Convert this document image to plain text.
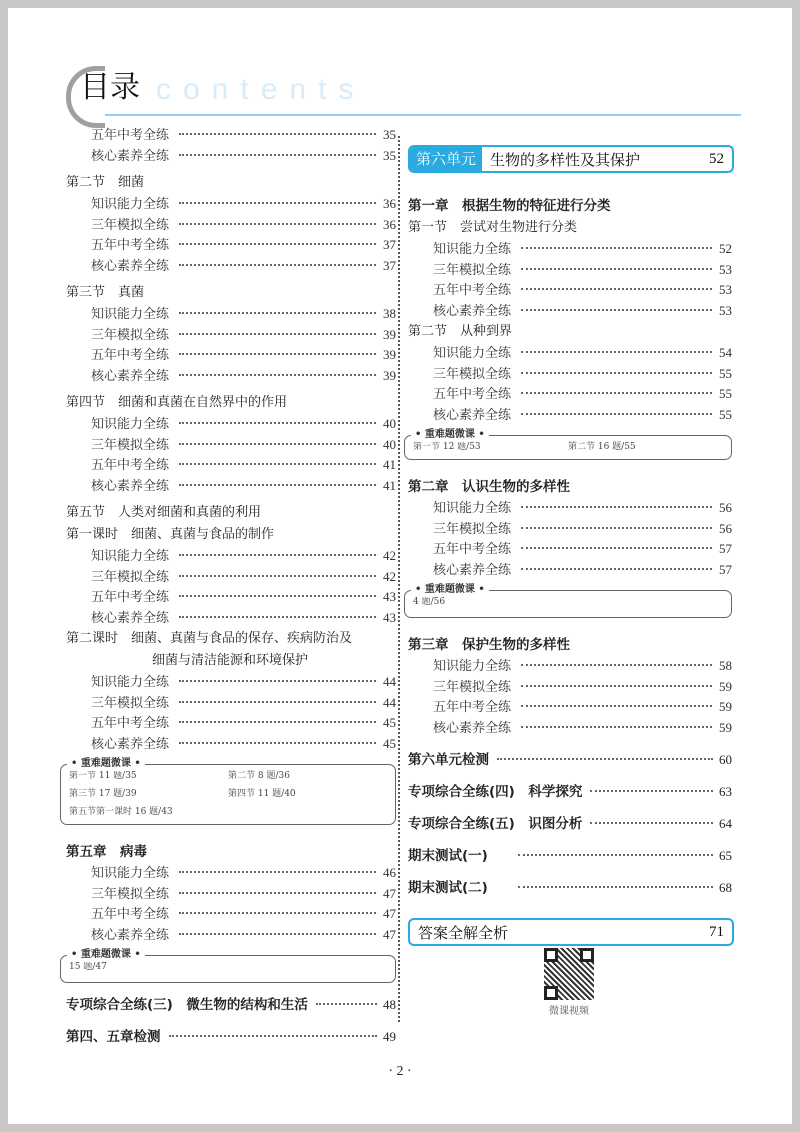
目录 contents
五年中考全练	35
核心素养全练	35
第二节　细菌
知识能力全练	36
三年模拟全练	36
五年中考全练	37
核心素养全练	37
第三节　真菌
知识能力全练	38
三年模拟全练	39
五年中考全练	39
核心素养全练	39
第四节　细菌和真菌在自然界中的作用
知识能力全练	40
三年模拟全练	40
五年中考全练	41
核心素养全练	41
第五节　人类对细菌和真菌的利用
第一课时　细菌、真菌与食品的制作
知识能力全练	42
三年模拟全练	42
五年中考全练	43
核心素养全练	43
第二课时　细菌、真菌与食品的保存、疾病防治及
细菌与清洁能源和环境保护
知识能力全练	44
三年模拟全练	44
五年中考全练	45
核心素养全练	45
• 重难题微课 •
第一节 11 题/35	第二节 8 题/36
第三节 17 题/39	第四节 11 题/40
第五节第一课时 16 题/43
第五章　病毒
知识能力全练	46
三年模拟全练	47
五年中考全练	47
核心素养全练	47
• 重难题微课 •
15 题/47
专项综合全练(三)　微生物的结构和生活	48
第四、五章检测	49
第六单元 生物的多样性及其保护	52
第一章　根据生物的特征进行分类
第一节　尝试对生物进行分类
知识能力全练	52
三年模拟全练	53
五年中考全练	53
核心素养全练	53
第二节　从种到界
知识能力全练	54
三年模拟全练	55
五年中考全练	55
核心素养全练	55
• 重难题微课 •
第一节 12 题/53	第二节 16 题/55
第二章　认识生物的多样性
知识能力全练	56
三年模拟全练	56
五年中考全练	57
核心素养全练	57
• 重难题微课 •
4 题/56
第三章　保护生物的多样性
知识能力全练	58
三年模拟全练	59
五年中考全练	59
核心素养全练	59
第六单元检测	60
专项综合全练(四)　科学探究	63
专项综合全练(五)　识图分析	64
期末测试(一)	65
期末测试(二)	68
答案全解全析	71
微课视频
· 2 ·
